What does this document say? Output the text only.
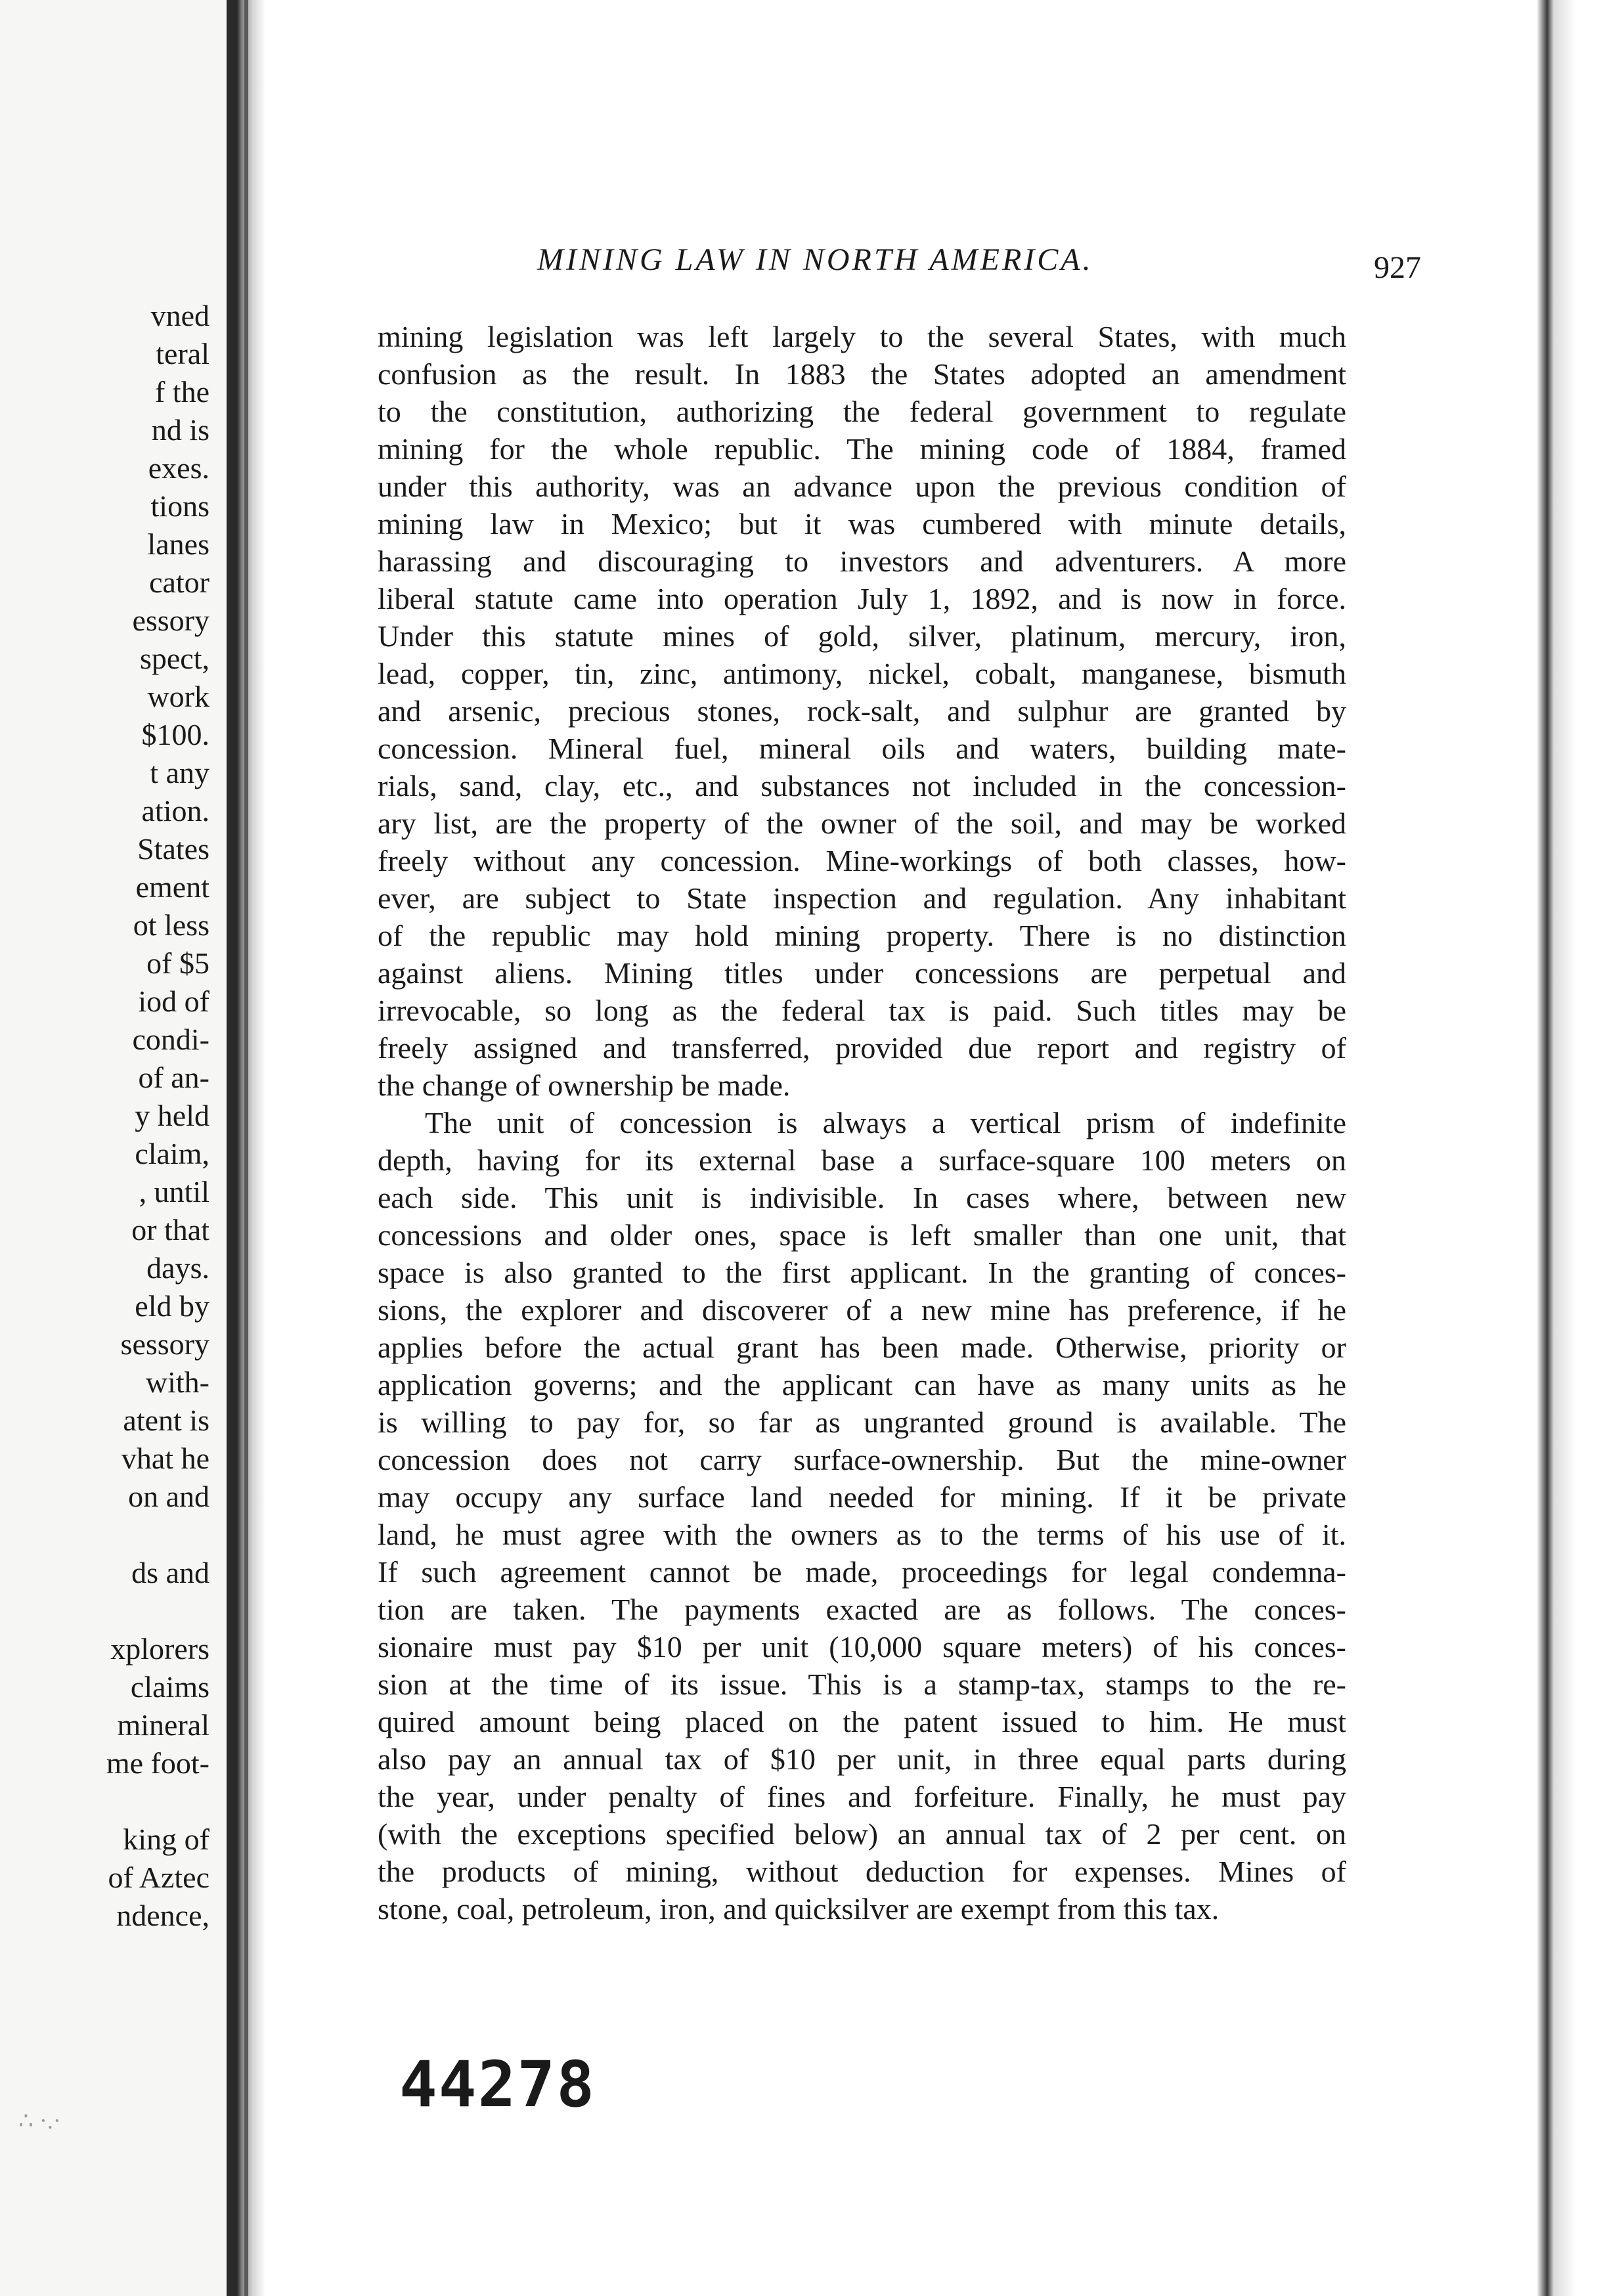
vned
teral
f the
nd is
exes.
tions
lanes
cator
essory
spect,
work
$100.
t any
ation.
States
ement
ot less
of $5
iod of
condi-
of an-
y held
claim,
, until
or that
days.
eld by
sessory
with-
atent is
vhat he
on and
ds and
xplorers
claims
mineral
me foot-
king of
of Aztec
ndence,
MINING LAW IN NORTH AMERICA.	927
mining legislation was left largely to the several States, with much
confusion as the result. In 1883 the States adopted an amendment
to the constitution, authorizing the federal government to regulate
mining for the whole republic. The mining code of 1884, framed
under this authority, was an advance upon the previous condition of
mining law in Mexico; but it was cumbered with minute details,
harassing and discouraging to investors and adventurers. A more
liberal statute came into operation July 1, 1892, and is now in force.
Under this statute mines of gold, silver, platinum, mercury, iron,
lead, copper, tin, zinc, antimony, nickel, cobalt, manganese, bismuth
and arsenic, precious stones, rock-salt, and sulphur are granted by
concession. Mineral fuel, mineral oils and waters, building mate-
rials, sand, clay, etc., and substances not included in the concession-
ary list, are the property of the owner of the soil, and may be worked
freely without any concession. Mine-workings of both classes, how-
ever, are subject to State inspection and regulation. Any inhabitant
of the republic may hold mining property. There is no distinction
against aliens. Mining titles under concessions are perpetual and
irrevocable, so long as the federal tax is paid. Such titles may be
freely assigned and transferred, provided due report and registry of
the change of ownership be made.
The unit of concession is always a vertical prism of indefinite
depth, having for its external base a surface-square 100 meters on
each side. This unit is indivisible. In cases where, between new
concessions and older ones, space is left smaller than one unit, that
space is also granted to the first applicant. In the granting of conces-
sions, the explorer and discoverer of a new mine has preference, if he
applies before the actual grant has been made. Otherwise, priority or
application governs; and the applicant can have as many units as he
is willing to pay for, so far as ungranted ground is available. The
concession does not carry surface-ownership. But the mine-owner
may occupy any surface land needed for mining. If it be private
land, he must agree with the owners as to the terms of his use of it.
If such agreement cannot be made, proceedings for legal condemna-
tion are taken. The payments exacted are as follows. The conces-
sionaire must pay $10 per unit (10,000 square meters) of his conces-
sion at the time of its issue. This is a stamp-tax, stamps to the re-
quired amount being placed on the patent issued to him. He must
also pay an annual tax of $10 per unit, in three equal parts during
the year, under penalty of fines and forfeiture. Finally, he must pay
(with the exceptions specified below) an annual tax of 2 per cent. on
the products of mining, without deduction for expenses. Mines of
stone, coal, petroleum, iron, and quicksilver are exempt from this tax.
44278
∴ ·.·
